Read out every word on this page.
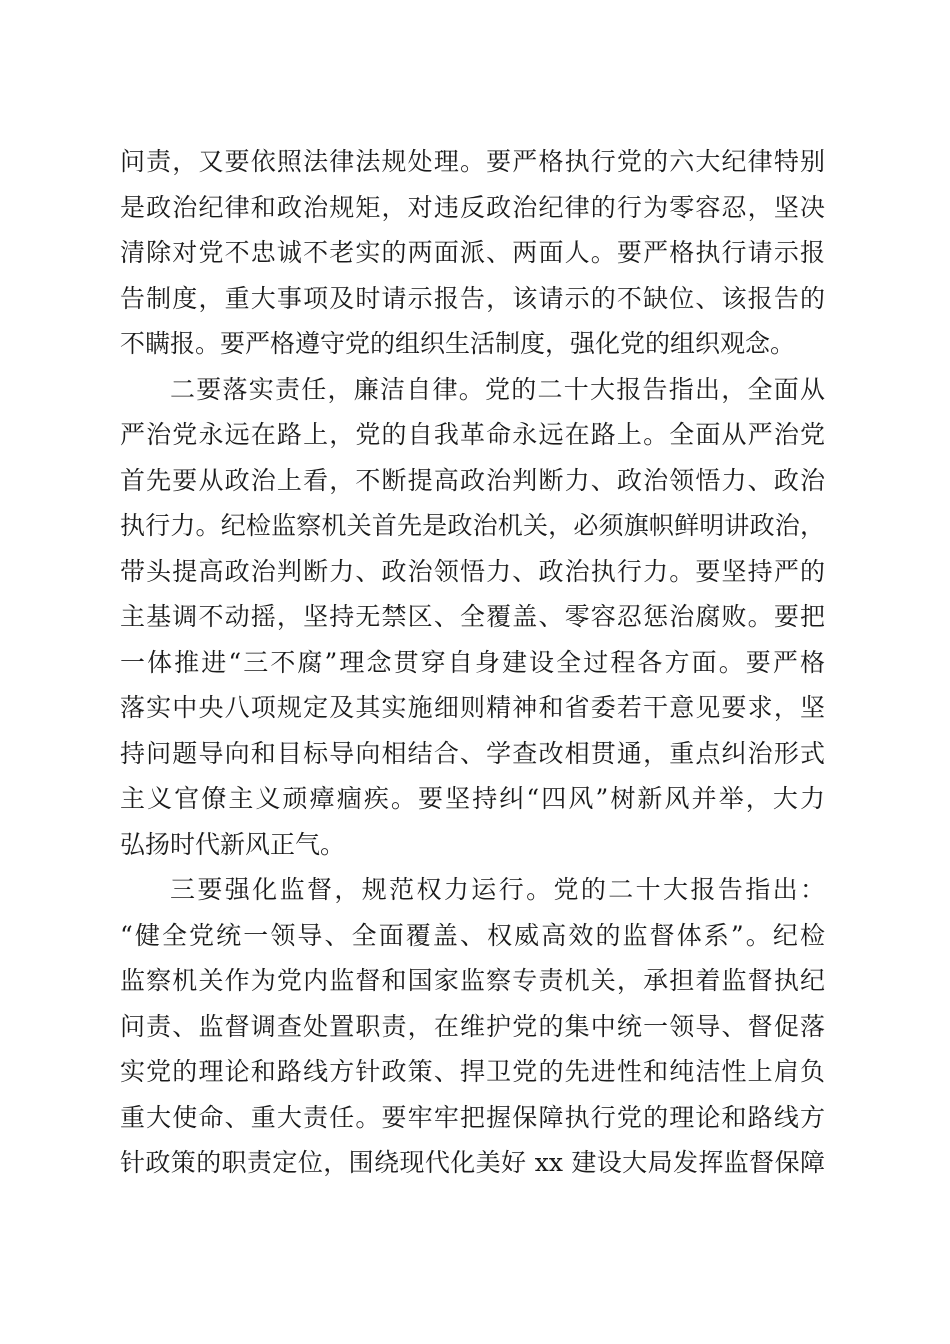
问责，又要依照法律法规处理。要严格执行党的六大纪律特别
是政治纪律和政治规矩，对违反政治纪律的行为零容忍，坚决
清除对党不忠诚不老实的两面派、两面人。要严格执行请示报
告制度，重大事项及时请示报告，该请示的不缺位、该报告的
不瞒报。要严格遵守党的组织生活制度，强化党的组织观念。
二要落实责任，廉洁自律。党的二十大报告指出，全面从
严治党永远在路上，党的自我革命永远在路上。全面从严治党
首先要从政治上看，不断提高政治判断力、政治领悟力、政治
执行力。纪检监察机关首先是政治机关，必须旗帜鲜明讲政治，
带头提高政治判断力、政治领悟力、政治执行力。要坚持严的
主基调不动摇，坚持无禁区、全覆盖、零容忍惩治腐败。要把
一体推进“三不腐”理念贯穿自身建设全过程各方面。要严格
落实中央八项规定及其实施细则精神和省委若干意见要求，坚
持问题导向和目标导向相结合、学查改相贯通，重点纠治形式
主义官僚主义顽瘴痼疾。要坚持纠“四风”树新风并举，大力
弘扬时代新风正气。
三要强化监督，规范权力运行。党的二十大报告指出：
“健全党统一领导、全面覆盖、权威高效的监督体系”。纪检
监察机关作为党内监督和国家监察专责机关，承担着监督执纪
问责、监督调查处置职责，在维护党的集中统一领导、督促落
实党的理论和路线方针政策、捍卫党的先进性和纯洁性上肩负
重大使命、重大责任。要牢牢把握保障执行党的理论和路线方
针政策的职责定位，围绕现代化美好 xx 建设大局发挥监督保障
